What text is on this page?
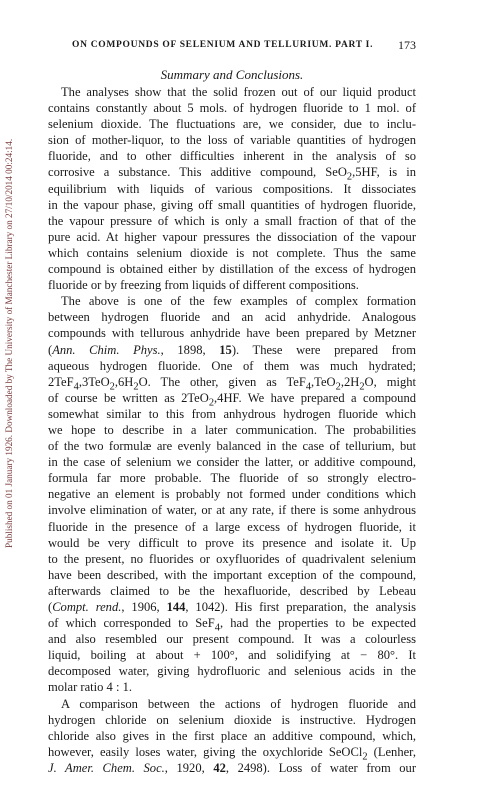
Published on 01 January 1926. Downloaded by The University of Manchester Library on 27/10/2014 00:24:14.
ON COMPOUNDS OF SELENIUM AND TELLURIUM. PART I. 173
Summary and Conclusions.
The analyses show that the solid frozen out of our liquid product
contains constantly about 5 mols. of hydrogen fluoride to 1 mol. of
selenium dioxide. The fluctuations are, we consider, due to inclu-
sion of mother-liquor, to the loss of variable quantities of hydrogen
fluoride, and to other difficulties inherent in the analysis of so
corrosive a substance. This additive compound, SeO$_2$,5HF, is in
equilibrium with liquids of various compositions. It dissociates
in the vapour phase, giving off small quantities of hydrogen fluoride,
the vapour pressure of which is only a small fraction of that of the
pure acid. At higher vapour pressures the dissociation of the vapour
which contains selenium dioxide is not complete. Thus the same
compound is obtained either by distillation of the excess of hydrogen
fluoride or by freezing from liquids of different compositions.
The above is one of the few examples of complex formation
between hydrogen fluoride and an acid anhydride. Analogous
compounds with tellurous anhydride have been prepared by Metzner
(Ann. Chim. Phys., 1898, 15). These were prepared from
aqueous hydrogen fluoride. One of them was much hydrated;
$2TeF_4,3TeO_2,6H_2O$. The other, given as $TeF_4,TeO_2,2H_2O$, might
of course be written as 2TeO$_2$,4HF. We have prepared a compound
somewhat similar to this from anhydrous hydrogen fluoride which
we hope to describe in a later communication. The probabilities
of the two formulæ are evenly balanced in the case of tellurium, but
in the case of selenium we consider the latter, or additive compound,
formula far more probable. The fluoride of so strongly electro-
negative an element is probably not formed under conditions which
involve elimination of water, or at any rate, if there is some anhydrous
fluoride in the presence of a large excess of hydrogen fluoride, it
would be very difficult to prove its presence and isolate it. Up
to the present, no fluorides or oxyfluorides of quadrivalent selenium
have been described, with the important exception of the compound,
afterwards claimed to be the hexafluoride, described by Lebeau
(Compt. rend., 1906, 144, 1042). His first preparation, the analysis
of which corresponded to SeF$_4$, had the properties to be expected
and also resembled our present compound. It was a colourless
liquid, boiling at about + 100°, and solidifying at − 80°. It
decomposed water, giving hydrofluoric and selenious acids in the
molar ratio 4 : 1.
A comparison between the actions of hydrogen fluoride and
hydrogen chloride on selenium dioxide is instructive. Hydrogen
chloride also gives in the first place an additive compound, which,
however, easily loses water, giving the oxychloride SeOCl$_2$ (Lenher,
J. Amer. Chem. Soc., 1920, 42, 2498). Loss of water from our
